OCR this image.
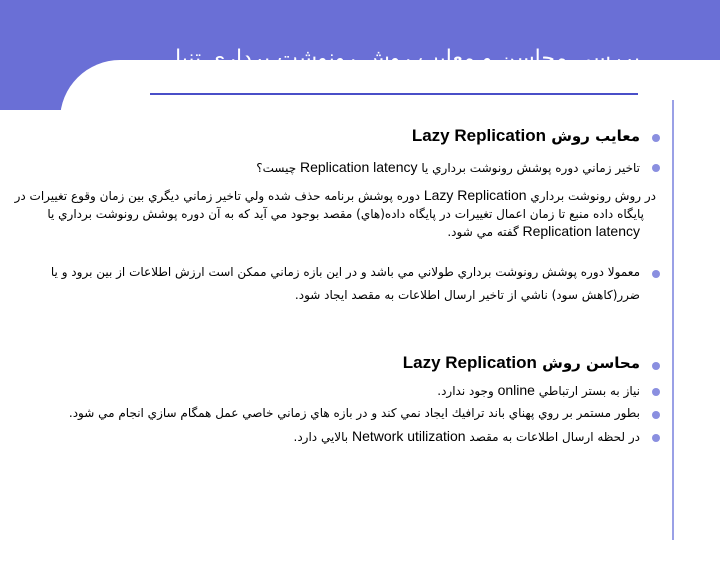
بررسي محاسن و معايب روش رونوشت برداري تنبل
معايب روش Lazy Replication
تاخير زماني دوره پوشش رونوشت برداري يا Replication latency چيست؟
در روش رونوشت برداري Lazy Replication دوره پوشش برنامه حذف شده ولي تاخير زماني ديگري بين زمان وقوع تغييرات در
پايگاه داده منبع تا زمان اعمال تغييرات در پايگاه داده(هاي) مقصد بوجود مي آيد كه به آن دوره پوشش رونوشت برداري يا
Replication latency گفته مي شود.
معمولا دوره پوشش رونوشت برداري طولاني مي باشد و در اين بازه زماني ممكن است ارزش اطلاعات از بين برود و يا
ضرر(كاهش سود) ناشي از تاخير ارسال اطلاعات به مقصد ايجاد شود.
محاسن روش Lazy Replication
نياز به بستر ارتباطي online وجود ندارد.
بطور مستمر بر روي پهناي باند ترافيك ايجاد نمي كند و در بازه هاي زماني خاصي عمل همگام سازي انجام مي شود.
در لحظه ارسال اطلاعات به مقصد Network utilization بالايي دارد.
